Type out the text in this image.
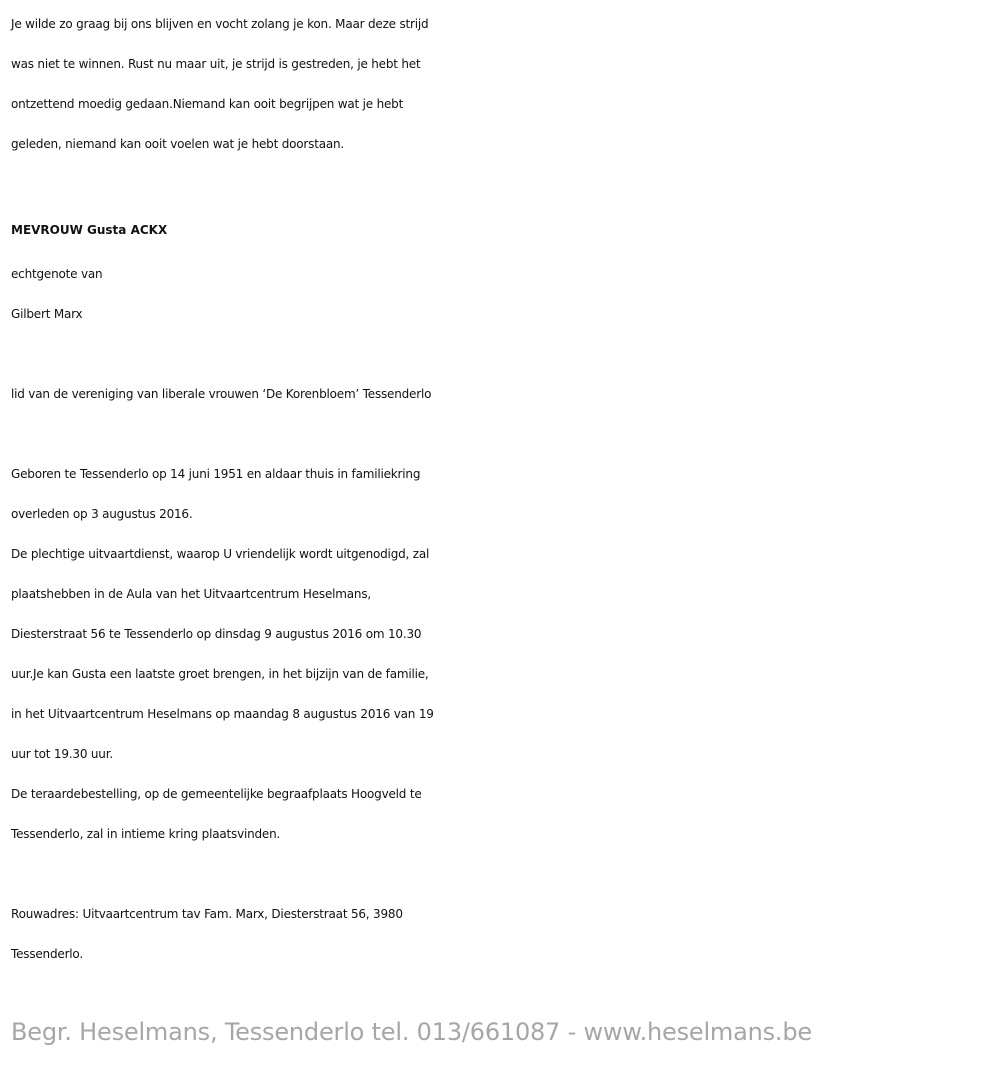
Je wilde zo graag bij ons blijven en vocht zolang je kon. Maar deze strijd
was niet te winnen. Rust nu maar uit, je strijd is gestreden, je hebt het
ontzettend moedig gedaan.Niemand kan ooit begrijpen wat je hebt
geleden, niemand kan ooit voelen wat je hebt doorstaan.
MEVROUW Gusta ACKX
echtgenote van
Gilbert Marx
lid van de vereniging van liberale vrouwen ‘De Korenbloem’ Tessenderlo
Geboren te Tessenderlo op 14 juni 1951 en aldaar thuis in familiekring
overleden op 3 augustus 2016.
De plechtige uitvaartdienst, waarop U vriendelijk wordt uitgenodigd, zal
plaatshebben in de Aula van het Uitvaartcentrum Heselmans,
Diesterstraat 56 te Tessenderlo op dinsdag 9 augustus 2016 om 10.30
uur.Je kan Gusta een laatste groet brengen, in het bijzijn van de familie,
in het Uitvaartcentrum Heselmans op maandag 8 augustus 2016 van 19
uur tot 19.30 uur.
De teraardebestelling, op de gemeentelijke begraafplaats Hoogveld te
Tessenderlo, zal in intieme kring plaatsvinden.
Rouwadres: Uitvaartcentrum tav Fam. Marx, Diesterstraat 56, 3980
Tessenderlo.
Begr. Heselmans, Tessenderlo tel. 013/661087 - www.heselmans.be
